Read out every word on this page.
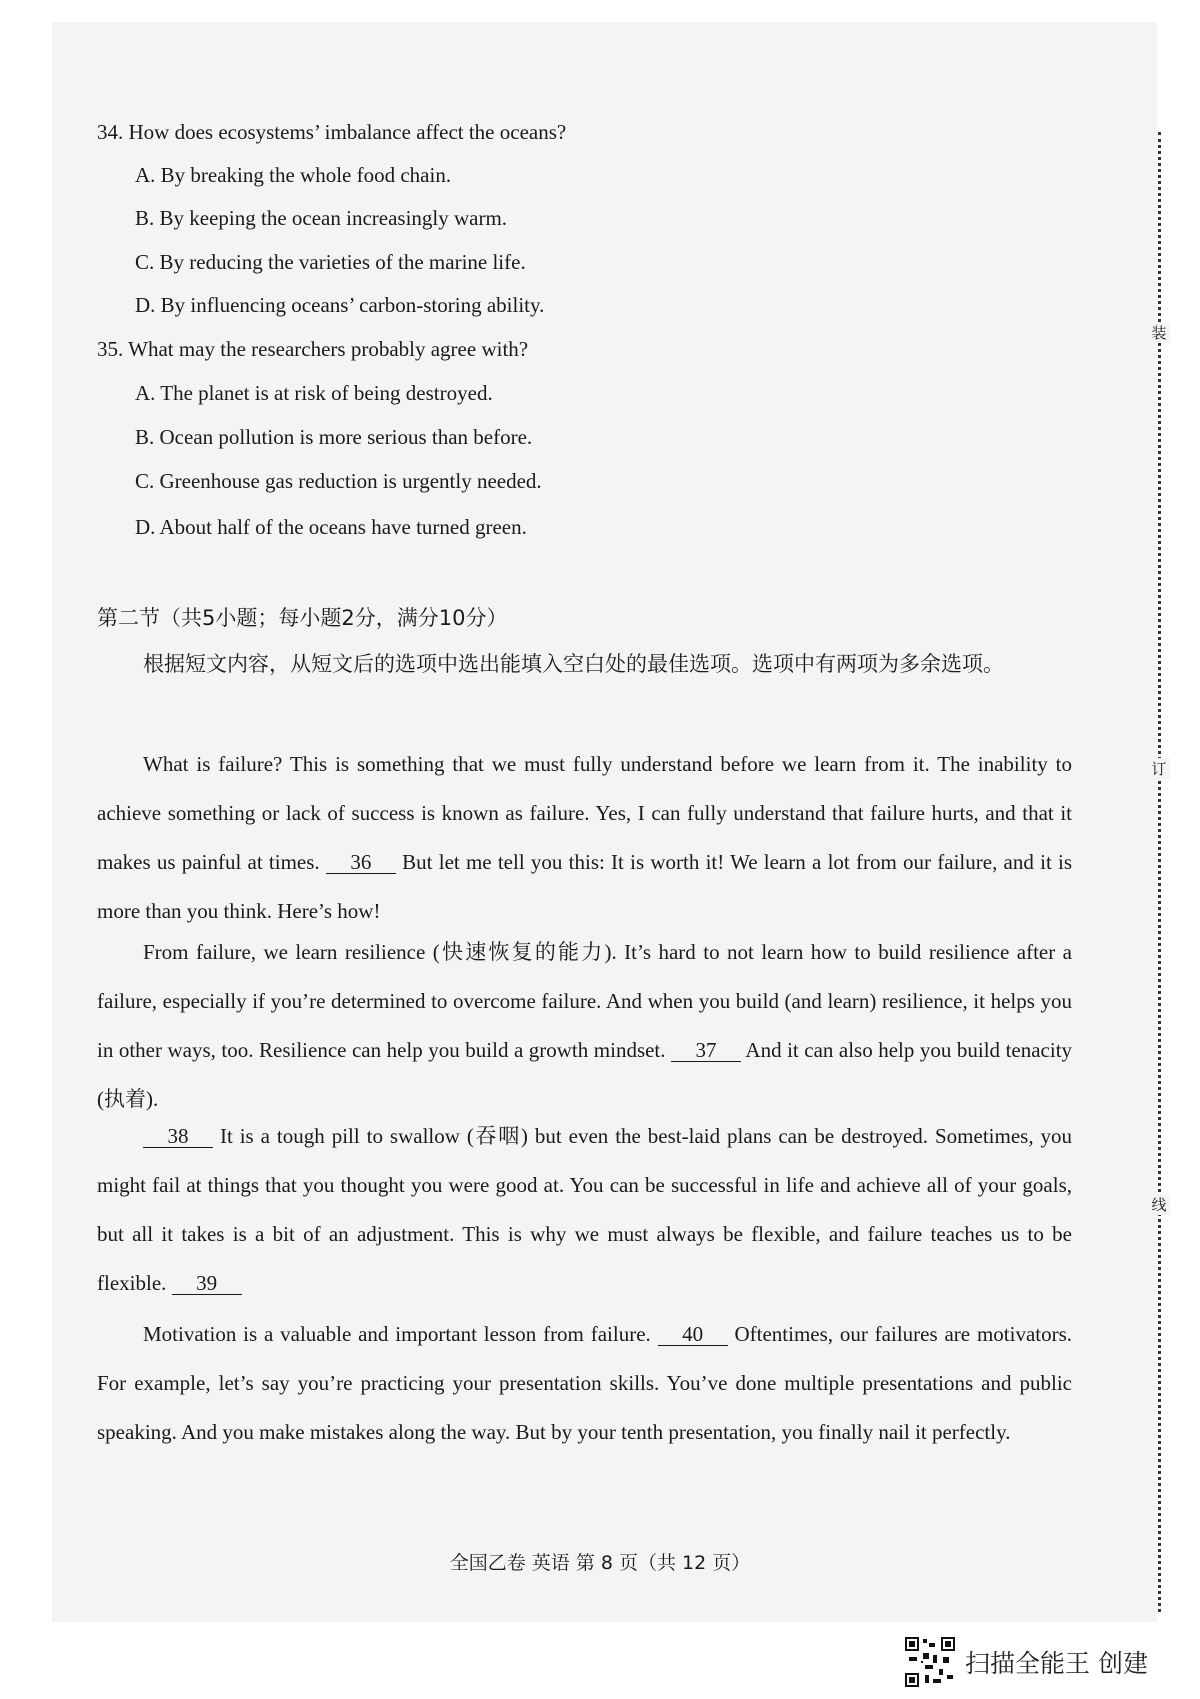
装
订
线
34. How does ecosystems’ imbalance affect the oceans?
A. By breaking the whole food chain.
B. By keeping the ocean increasingly warm.
C. By reducing the varieties of the marine life.
D. By influencing oceans’ carbon-storing ability.
35. What may the researchers probably agree with?
A. The planet is at risk of being destroyed.
B. Ocean pollution is more serious than before.
C. Greenhouse gas reduction is urgently needed.
D. About half of the oceans have turned green.
第二节（共5小题；每小题2分，满分10分）
根据短文内容，从短文后的选项中选出能填入空白处的最佳选项。选项中有两项为多余选项。
What is failure? This is something that we must fully understand before we learn from it. The inability to achieve something or lack of success is known as failure. Yes, I can fully understand that failure hurts, and that it makes us painful at times. 36 But let me tell you this: It is worth it! We learn a lot from our failure, and it is more than you think. Here’s how!
From failure, we learn resilience (快速恢复的能力). It’s hard to not learn how to build resilience after a failure, especially if you’re determined to overcome failure. And when you build (and learn) resilience, it helps you in other ways, too. Resilience can help you build a growth mindset. 37 And it can also help you build tenacity (执着).
38 It is a tough pill to swallow (吞咽) but even the best-laid plans can be destroyed. Sometimes, you might fail at things that you thought you were good at. You can be successful in life and achieve all of your goals, but all it takes is a bit of an adjustment. This is why we must always be flexible, and failure teaches us to be flexible. 39
Motivation is a valuable and important lesson from failure. 40 Oftentimes, our failures are motivators. For example, let’s say you’re practicing your presentation skills. You’ve done multiple presentations and public speaking. And you make mistakes along the way. But by your tenth presentation, you finally nail it perfectly.
全国乙卷 英语 第 8 页（共 12 页）
扫描全能王 创建
